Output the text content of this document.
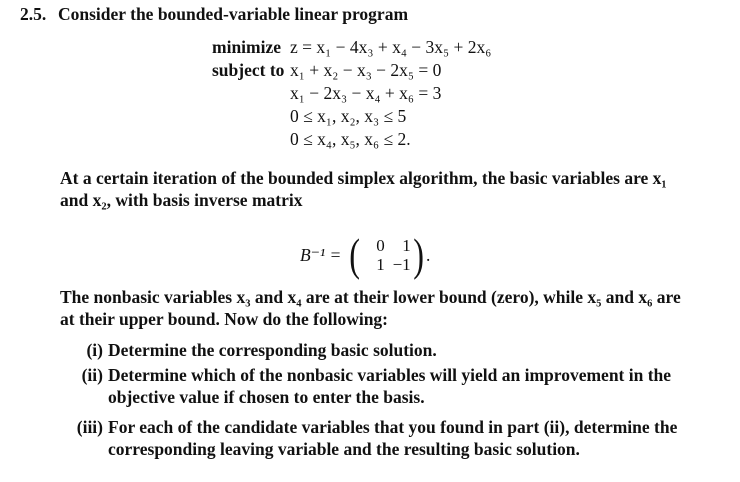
2.5. Consider the bounded-variable linear program
minimize z = x₁ − 4x₃ + x₄ − 3x₅ + 2x₆
subject to x₁ + x₂ − x₃ − 2x₅ = 0
x₁ − 2x₃ − x₄ + x₆ = 3
0 ≤ x₁, x₂, x₃ ≤ 5
0 ≤ x₄, x₅, x₆ ≤ 2.
At a certain iteration of the bounded simplex algorithm, the basic variables are x₁
and x₂, with basis inverse matrix
B⁻¹ = ( 0	1
1 −1 ) .
The nonbasic variables x₃ and x₄ are at their lower bound (zero), while x₅ and x₆ are
at their upper bound. Now do the following:
(i) Determine the corresponding basic solution.
(ii) Determine which of the nonbasic variables will yield an improvement in the
objective value if chosen to enter the basis.
(iii) For each of the candidate variables that you found in part (ii), determine the
corresponding leaving variable and the resulting basic solution.
